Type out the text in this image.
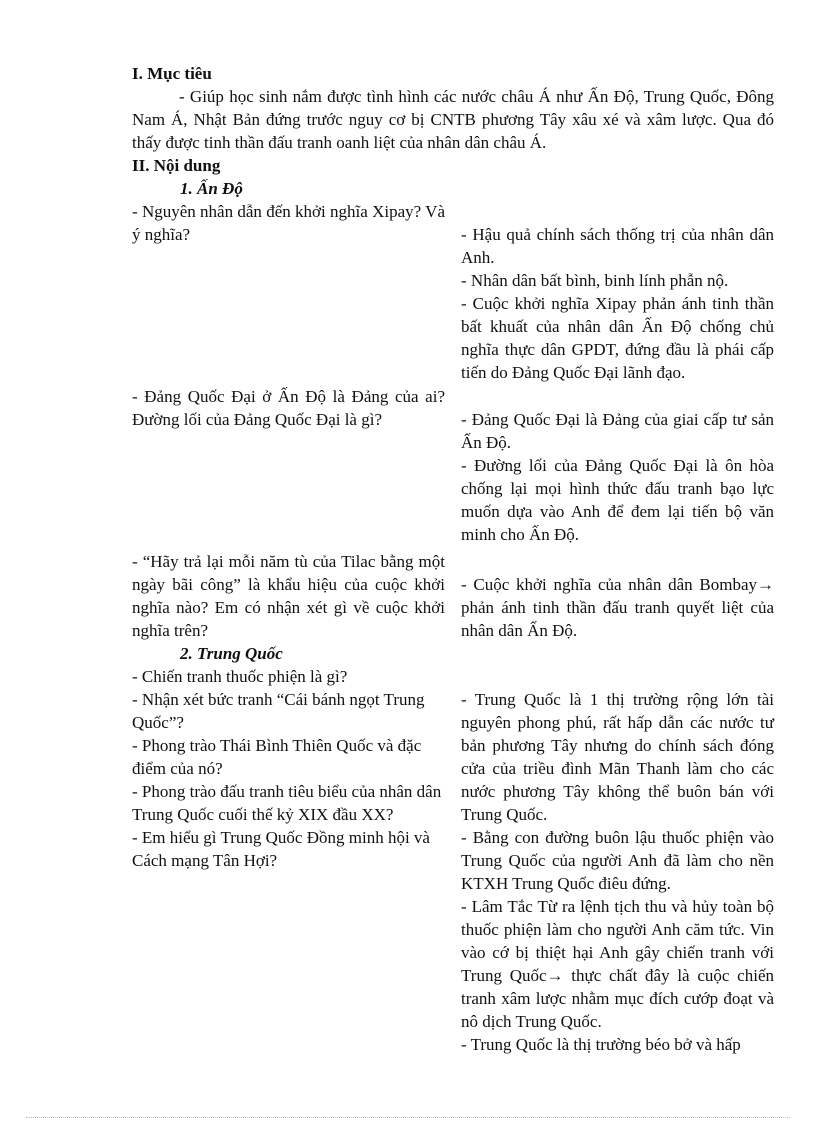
I. Mục tiêu

- Giúp học sinh nắm được tình hình các nước châu Á như Ấn Độ, Trung Quốc, Đông Nam Á, Nhật Bản đứng trước nguy cơ bị CNTB phương Tây xâu xé và xâm lược. Qua đó thấy được tinh thần đấu tranh oanh liệt của nhân dân châu Á.

II. Nội dung

1. Ấn Độ

- Nguyên nhân dẫn đến khởi nghĩa Xipay? Và ý nghĩa?	- Hậu quả chính sách thống trị của nhân dân Anh.

- Nhân dân bất bình, binh lính phẫn nộ.

- Cuộc khởi nghĩa Xipay phản ánh tinh thần bất khuất của nhân dân Ấn Độ chống chủ nghĩa thực dân GPDT, đứng đầu là phái cấp tiến do Đảng Quốc Đại lãnh đạo.

- Đảng Quốc Đại ở Ấn Độ là Đảng của ai? Đường lối của Đảng Quốc Đại là gì?	- Đảng Quốc Đại là Đảng của giai cấp tư sản Ấn Độ.

- Đường lối của Đảng Quốc Đại là ôn hòa chống lại mọi hình thức đấu tranh bạo lực muốn dựa vào Anh để đem lại tiến bộ văn minh cho Ấn Độ.

- “Hãy trả lại mỗi năm tù của Tilac bằng một ngày bãi công” là khẩu hiệu của cuộc khởi nghĩa nào? Em có nhận xét gì về cuộc khởi nghĩa trên?

- Cuộc khởi nghĩa của nhân dân Bombay→ phản ánh tinh thần đấu tranh quyết liệt của nhân dân Ấn Độ.

2. Trung Quốc

- Chiến tranh thuốc phiện là gì?

- Nhận xét bức tranh “Cái bánh ngọt Trung Quốc”?

- Phong trào Thái Bình Thiên Quốc và đặc điểm của nó?

- Phong trào đấu tranh tiêu biểu của nhân dân Trung Quốc cuối thế kỷ XIX đầu XX?

- Em hiểu gì Trung Quốc Đồng minh hội và Cách mạng Tân Hợi?

- Trung Quốc là 1 thị trường rộng lớn tài nguyên phong phú, rất hấp dẫn các nước tư bản phương Tây nhưng do chính sách đóng cửa của triều đình Mãn Thanh làm cho các nước phương Tây không thể buôn bán với Trung Quốc.

- Bằng con đường buôn lậu thuốc phiện vào Trung Quốc của người Anh đã làm cho nền KTXH Trung Quốc điêu đứng.

- Lâm Tắc Từ ra lệnh tịch thu và hủy toàn bộ thuốc phiện làm cho người Anh căm tức. Vin vào cớ bị thiệt hại Anh gây chiến tranh với Trung Quốc→ thực chất đây là cuộc chiến tranh xâm lược nhằm mục đích cướp đoạt và nô dịch Trung Quốc.

- Trung Quốc là thị trường béo bở và hấp
